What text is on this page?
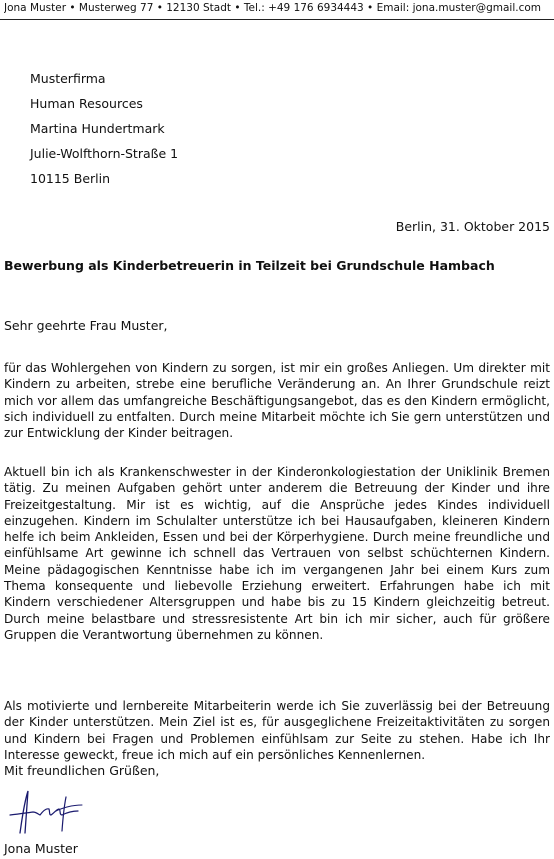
Jona Muster • Musterweg 77 • 12130 Stadt • Tel.: +49 176 6934443 • Email: jona.muster@gmail.com
Musterfirma
Human Resources
Martina Hundertmark
Julie-Wolfthorn-Straße 1
10115 Berlin
Berlin, 31. Oktober 2015
Bewerbung als Kinderbetreuerin in Teilzeit bei Grundschule Hambach
Sehr geehrte Frau Muster,
für das Wohlergehen von Kindern zu sorgen, ist mir ein großes Anliegen. Um direkter mit Kindern zu arbeiten, strebe eine berufliche Veränderung an. An Ihrer Grundschule reizt mich vor allem das umfangreiche Beschäftigungsangebot, das es den Kindern ermöglicht, sich individuell zu entfalten. Durch meine Mitarbeit möchte ich Sie gern unterstützen und zur Entwicklung der Kinder beitragen.
Aktuell bin ich als Krankenschwester in der Kinderonkologiestation der Uniklinik Bremen tätig. Zu meinen Aufgaben gehört unter anderem die Betreuung der Kinder und ihre Freizeitgestaltung. Mir ist es wichtig, auf die Ansprüche jedes Kindes individuell einzugehen. Kindern im Schulalter unterstütze ich bei Hausaufgaben, kleineren Kindern helfe ich beim Ankleiden, Essen und bei der Körperhygiene. Durch meine freundliche und einfühlsame Art gewinne ich schnell das Vertrauen von selbst schüchternen Kindern. Meine pädagogischen Kenntnisse habe ich im vergangenen Jahr bei einem Kurs zum Thema konsequente und liebevolle Erziehung erweitert. Erfahrungen habe ich mit Kindern verschiedener Altersgruppen und habe bis zu 15 Kindern gleichzeitig betreut. Durch meine belastbare und stressresistente Art bin ich mir sicher, auch für größere Gruppen die Verantwortung übernehmen zu können.
Als motivierte und lernbereite Mitarbeiterin werde ich Sie zuverlässig bei der Betreuung der Kinder unterstützen. Mein Ziel ist es, für ausgeglichene Freizeitaktivitäten zu sorgen und Kindern bei Fragen und Problemen einfühlsam zur Seite zu stehen. Habe ich Ihr Interesse geweckt, freue ich mich auf ein persönliches Kennenlernen.
Mit freundlichen Grüßen,
Jona Muster
